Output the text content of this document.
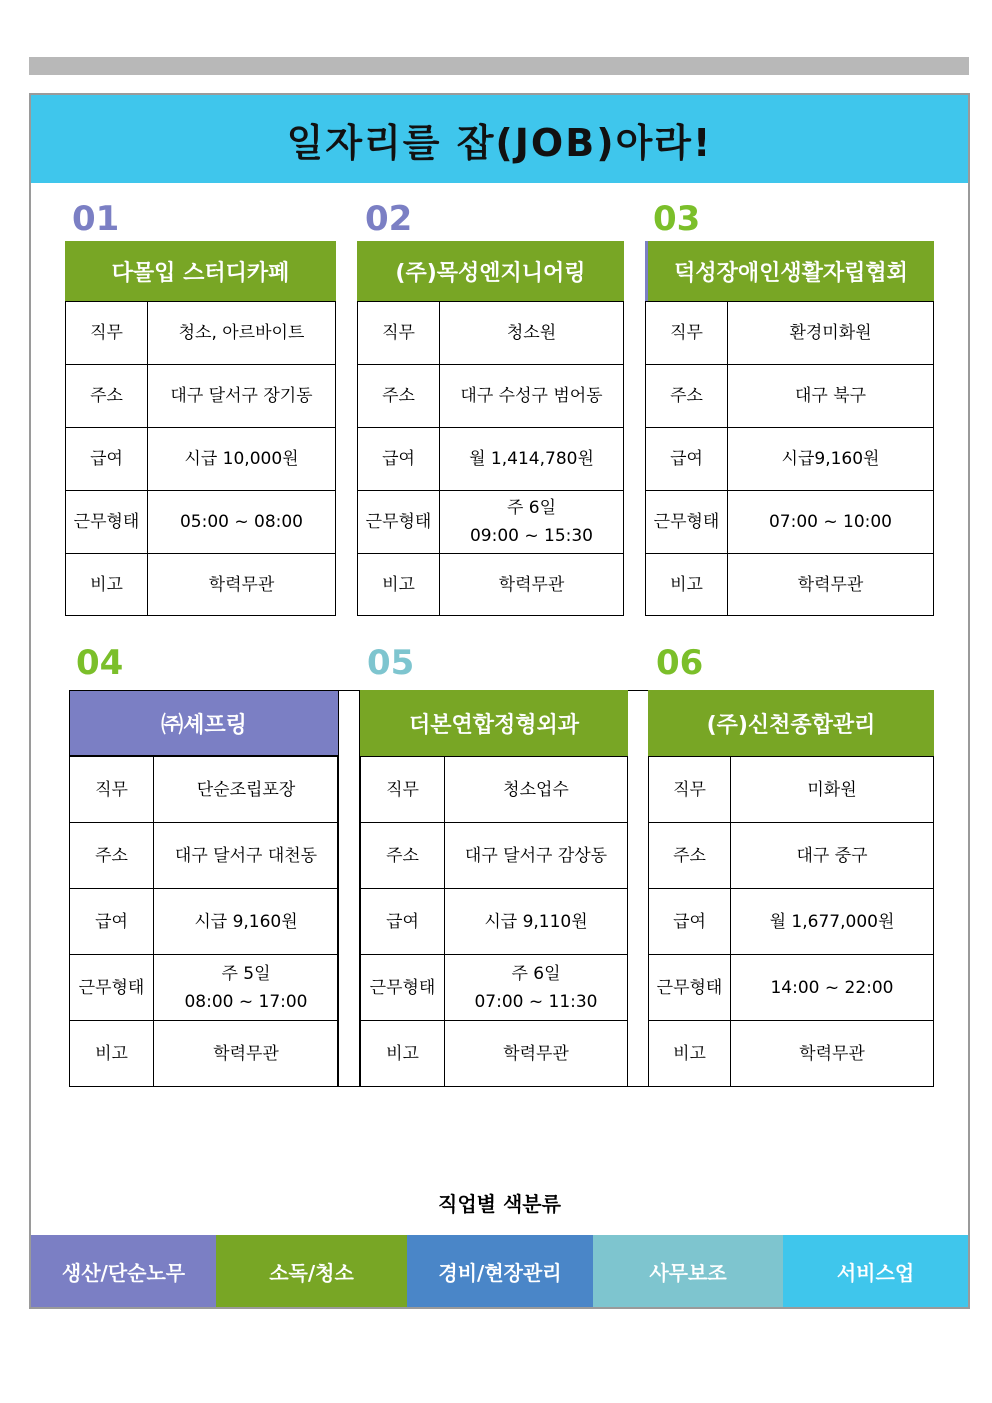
일자리를 잡(JOB)아라!
01	02	03
04	05	06
다몰입 스터디카페
직무	청소, 아르바이트
주소	대구 달서구 장기동
급여	시급 10,000원
근무형태	05:00 ~ 08:00
비고	학력무관
(주)목성엔지니어링
직무	청소원
주소	대구 수성구 범어동
급여	월 1,414,780원
근무형태	주 6일
09:00 ~ 15:30
비고	학력무관
덕성장애인생활자립협회
직무	환경미화원
주소	대구 북구
급여	시급9,160원
근무형태	07:00 ~ 10:00
비고	학력무관
㈜셰프링
직무	단순조립포장
주소	대구 달서구 대천동
급여	시급 9,160원
근무형태	주 5일
08:00 ~ 17:00
비고	학력무관
더본연합정형외과
직무	청소업수
주소	대구 달서구 감상동
급여	시급 9,110원
근무형태	주 6일
07:00 ~ 11:30
비고	학력무관
(주)신천종합관리
직무	미화원
주소	대구 중구
급여	월 1,677,000원
근무형태	14:00 ~ 22:00
비고	학력무관
직업별 색분류
생산/단순노무	소독/청소	경비/현장관리	사무보조	서비스업
